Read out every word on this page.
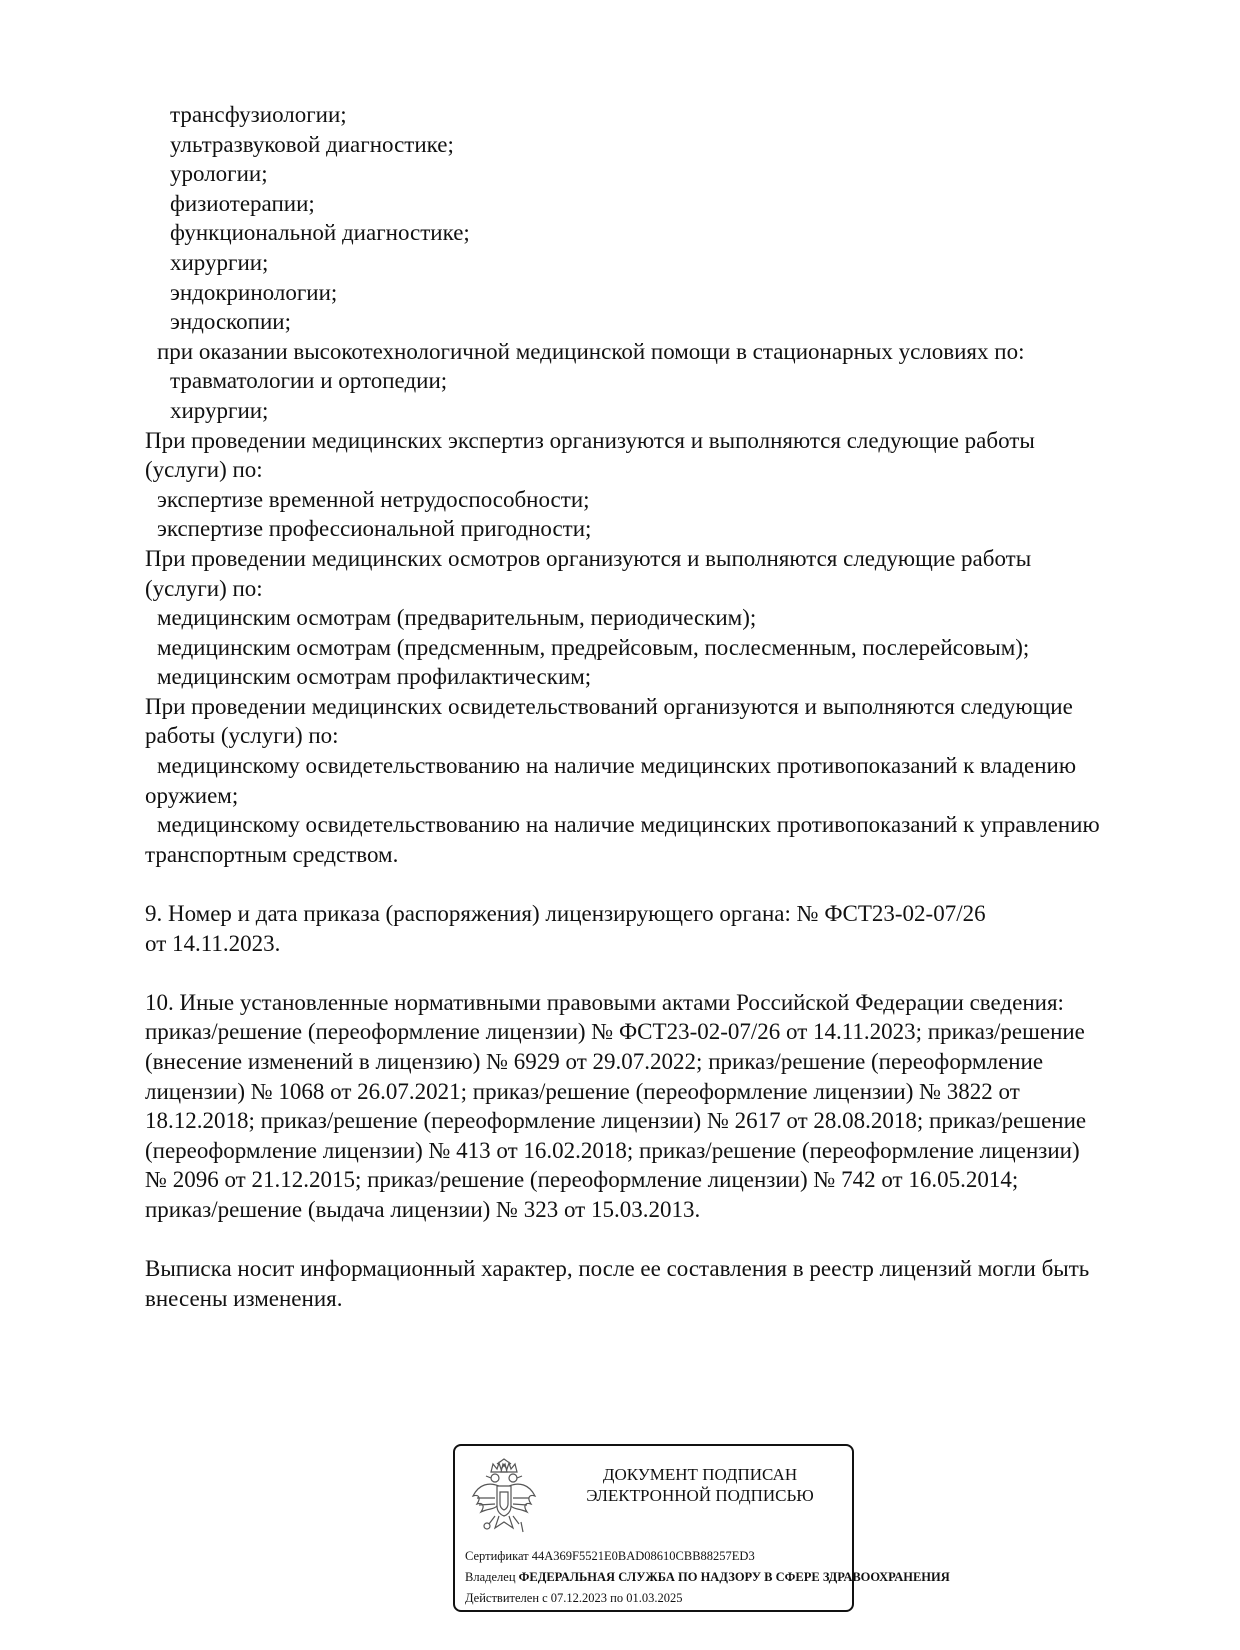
трансфузиологии;
ультразвуковой диагностике;
урологии;
физиотерапии;
функциональной диагностике;
хирургии;
эндокринологии;
эндоскопии;
при оказании высокотехнологичной медицинской помощи в стационарных условиях по:
травматологии и ортопедии;
хирургии;
При проведении медицинских экспертиз организуются и выполняются следующие работы
(услуги) по:
экспертизе временной нетрудоспособности;
экспертизе профессиональной пригодности;
При проведении медицинских осмотров организуются и выполняются следующие работы
(услуги) по:
медицинским осмотрам (предварительным, периодическим);
медицинским осмотрам (предсменным, предрейсовым, послесменным, послерейсовым);
медицинским осмотрам профилактическим;
При проведении медицинских освидетельствований организуются и выполняются следующие
работы (услуги) по:
медицинскому освидетельствованию на наличие медицинских противопоказаний к владению
оружием;
медицинскому освидетельствованию на наличие медицинских противопоказаний к управлению
транспортным средством.
9. Номер и дата приказа (распоряжения) лицензирующего органа: № ФСТ23-02-07/26
от 14.11.2023.
10. Иные установленные нормативными правовыми актами Российской Федерации сведения:
приказ/решение (переоформление лицензии) № ФСТ23-02-07/26 от 14.11.2023; приказ/решение
(внесение изменений в лицензию) № 6929 от 29.07.2022; приказ/решение (переоформление
лицензии) № 1068 от 26.07.2021; приказ/решение (переоформление лицензии) № 3822 от
18.12.2018; приказ/решение (переоформление лицензии) № 2617 от 28.08.2018; приказ/решение
(переоформление лицензии) № 413 от 16.02.2018; приказ/решение (переоформление лицензии)
№ 2096 от 21.12.2015; приказ/решение (переоформление лицензии) № 742 от 16.05.2014;
приказ/решение (выдача лицензии) № 323 от 15.03.2013.
Выписка носит информационный характер, после ее составления в реестр лицензий могли быть
внесены изменения.
ДОКУМЕНТ ПОДПИСАН
ЭЛЕКТРОННОЙ ПОДПИСЬЮ
Сертификат 44A369F5521E0BAD08610CBB88257ED3
Владелец ФЕДЕРАЛЬНАЯ СЛУЖБА ПО НАДЗОРУ В СФЕРЕ ЗДРАВООХРАНЕНИЯ
Действителен с 07.12.2023 по 01.03.2025
